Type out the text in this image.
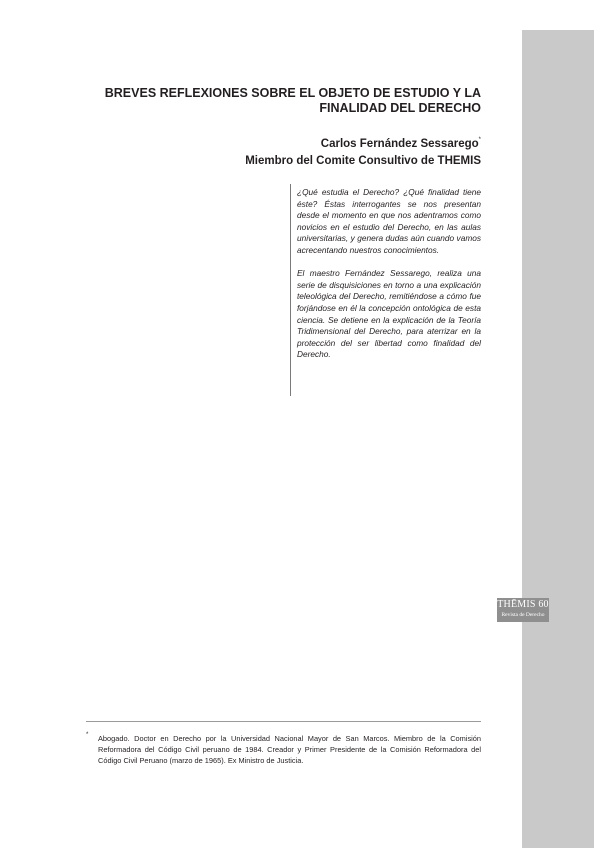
THĒMIS 60
Revista de Derecho
BREVES REFLEXIONES SOBRE EL OBJETO DE ESTUDIO Y LA
FINALIDAD DEL DERECHO
Carlos Fernández Sessarego*
Miembro del Comite Consultivo de THEMIS

¿Qué estudia el Derecho? ¿Qué finalidad tiene éste? Éstas interrogantes se nos presentan desde el momento en que nos adentramos como novicios en el estudio del Derecho, en las aulas universitarias, y genera dudas aún cuando vamos acrecentando nuestros conocimientos.

El maestro Fernández Sessarego, realiza una serie de disquisiciones en torno a una explicación teleológica del Derecho, remitiéndose a cómo fue forjándose en él la concepción ontológica de esta ciencia. Se detiene en la explicación de la Teoría Tridimensional del Derecho, para aterrizar en la protección del ser libertad como finalidad del Derecho.

* Abogado. Doctor en Derecho por la Universidad Nacional Mayor de San Marcos. Miembro de la Comisión Reformadora del Código Civil peruano de 1984. Creador y Primer Presidente de la Comisión Reformadora del Código Civil Peruano (marzo de 1965). Ex Ministro de Justicia.
